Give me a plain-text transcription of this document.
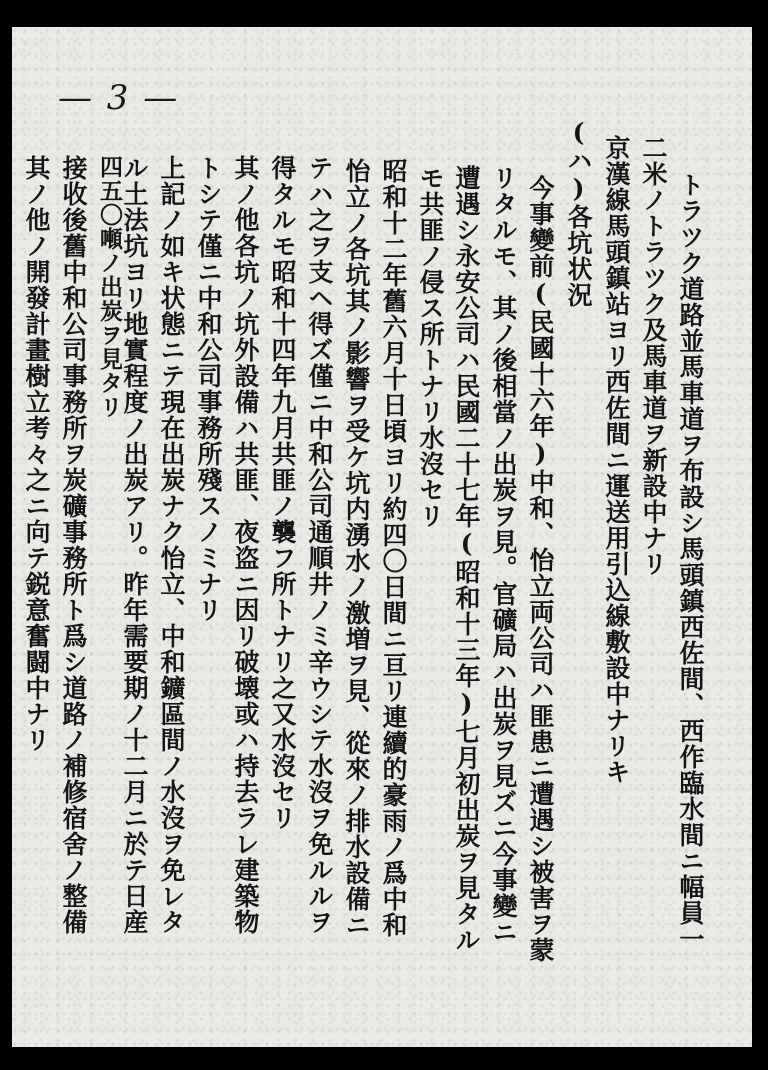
— 3 —
トラツク道路並馬車道ヲ布設シ馬頭鎮西佐間、西作臨水間ニ幅員一
二米ノトラツク及馬車道ヲ新設中ナリ
京漢線馬頭鎮站ヨリ西佐間ニ運送用引込線敷設中ナリキ
(ハ)各坑状況
今事變前(民國十六年)中和、怡立両公司ハ匪患ニ遭遇シ被害ヲ蒙
リタルモ、其ノ後相當ノ出炭ヲ見。官礦局ハ出炭ヲ見ズニ今事變ニ
遭遇シ永安公司ハ民國二十七年(昭和十三年)七月初出炭ヲ見タル
モ共匪ノ侵ス所トナリ水沒セリ
昭和十二年舊六月十日頃ヨリ約四〇日間ニ亘リ連續的豪雨ノ爲中和
怡立ノ各坑其ノ影響ヲ受ケ坑内湧水ノ激増ヲ見、從來ノ排水設備ニ
テハ之ヲ支ヘ得ズ僅ニ中和公司通順井ノミ辛ウシテ水沒ヲ免ルルヲ
得タルモ昭和十四年九月共匪ノ襲フ所トナリ之又水沒セリ
其ノ他各坑ノ坑外設備ハ共匪、夜盗ニ因リ破壊或ハ持去ラレ建築物
トシテ僅ニ中和公司事務所殘スノミナリ
上記ノ如キ状態ニテ現在出炭ナク怡立、中和鑛區間ノ水沒ヲ免レタ
ル土法坑ヨリ地實程度ノ出炭アリ。昨年需要期ノ十二月ニ於テ日産
四五〇噸ノ出炭ヲ見タリ
接收後舊中和公司事務所ヲ炭礦事務所ト爲シ道路ノ補修宿舍ノ整備
其ノ他ノ開發計畫樹立考々之ニ向テ鋭意奮闘中ナリ
